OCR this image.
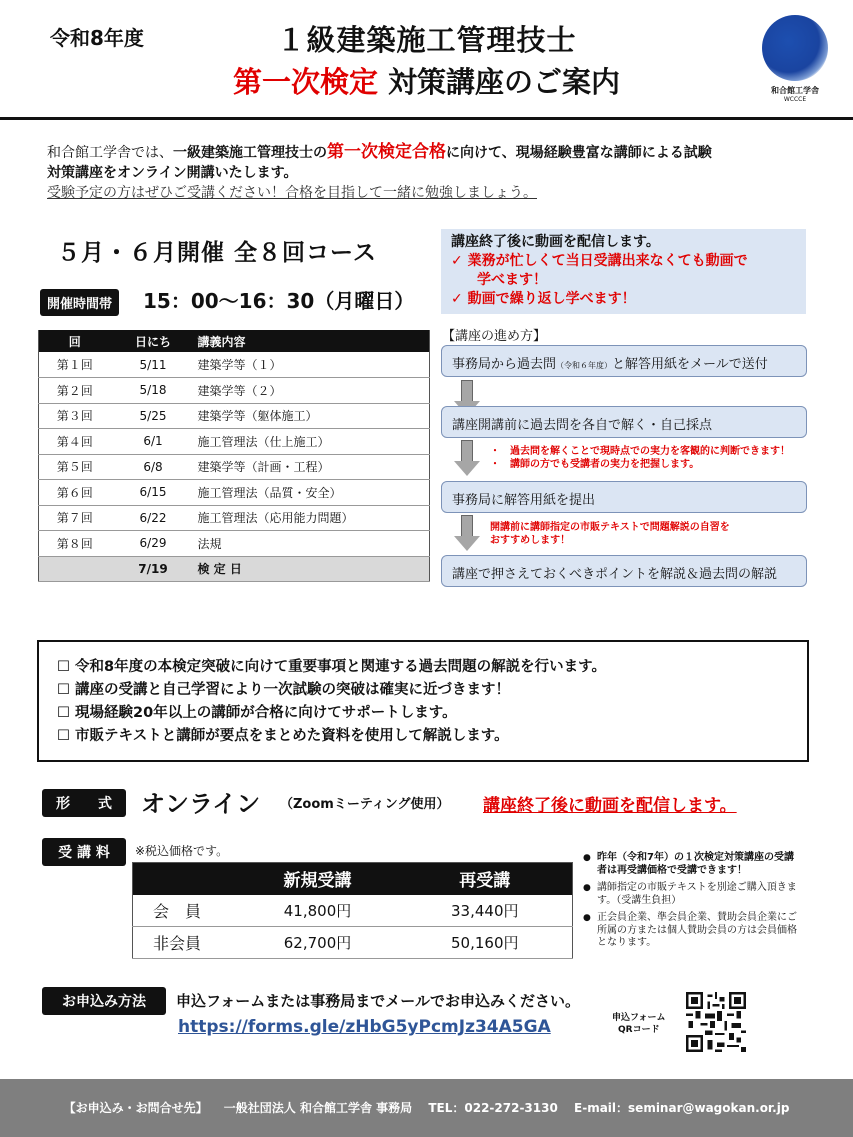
令和8年度	１級建築施工管理技士
第一次検定 対策講座のご案内	和合館工学舎
WCCCE
和合館工学舎では、一級建築施工管理技士の第一次検定合格に向けて、現場経験豊富な講師による試験
対策講座をオンライン開講いたします。
受験予定の方はぜひご受講ください！合格を目指して一緒に勉強しましょう。
５月・６月開催 全８回コース
開催時間帯	15：00〜16：30（月曜日）
講座終了後に動画を配信します。
✓ 業務が忙しくて当日受講出来なくても動画で
学べます！
✓ 動画で繰り返し学べます！
回	日にち	講義内容
第１回	5/11	建築学等（１）
第２回	5/18	建築学等（２）
第３回	5/25	建築学等（躯体施工）
第４回	6/1	施工管理法（仕上施工）
第５回	6/8	建築学等（計画・工程）
第６回	6/15	施工管理法（品質・安全）
第７回	6/22	施工管理法（応用能力問題）
第８回	6/29	法規
	7/19	検 定 日
【講座の進め方】
事務局から過去問（令和６年度）と解答用紙をメールで送付
講座開講前に過去問を各自で解く・自己採点
・　過去問を解くことで現時点での実力を客観的に判断できます！
・　講師の方でも受講者の実力を把握します。
事務局に解答用紙を提出
開講前に講師指定の市販テキストで問題解説の自習を
おすすめします！
講座で押さえておくべきポイントを解説＆過去問の解説
☐ 令和8年度の本検定突破に向けて重要事項と関連する過去問題の解説を行います。
☐ 講座の受講と自己学習により一次試験の突破は確実に近づきます！
☐ 現場経験20年以上の講師が合格に向けてサポートします。
☐ 市販テキストと講師が要点をまとめた資料を使用して解説します。
形　　式	オンライン （Zoomミーティング使用） 講座終了後に動画を配信します。
受 講 料	※税込価格です。
	新規受講	再受講
会　員	41,800円	33,440円
非会員	62,700円	50,160円
● 昨年（令和7年）の１次検定対策講座の受講者は再受講価格で受講できます！
● 講師指定の市販テキストを別途ご購入頂きます。（受講生負担）
● 正会員企業、準会員企業、賛助会員企業にご所属の方または個人賛助会員の方は会員価格となります。
お申込み方法	申込フォームまたは事務局までメールでお申込みください。
https://forms.gle/zHbG5yPcmJz34A5GA	申込フォーム
QRコード
【お申込み・お問合せ先】 一般社団法人 和合館工学舎 事務局 TEL：022-272-3130 E-mail：seminar@wagokan.or.jp
